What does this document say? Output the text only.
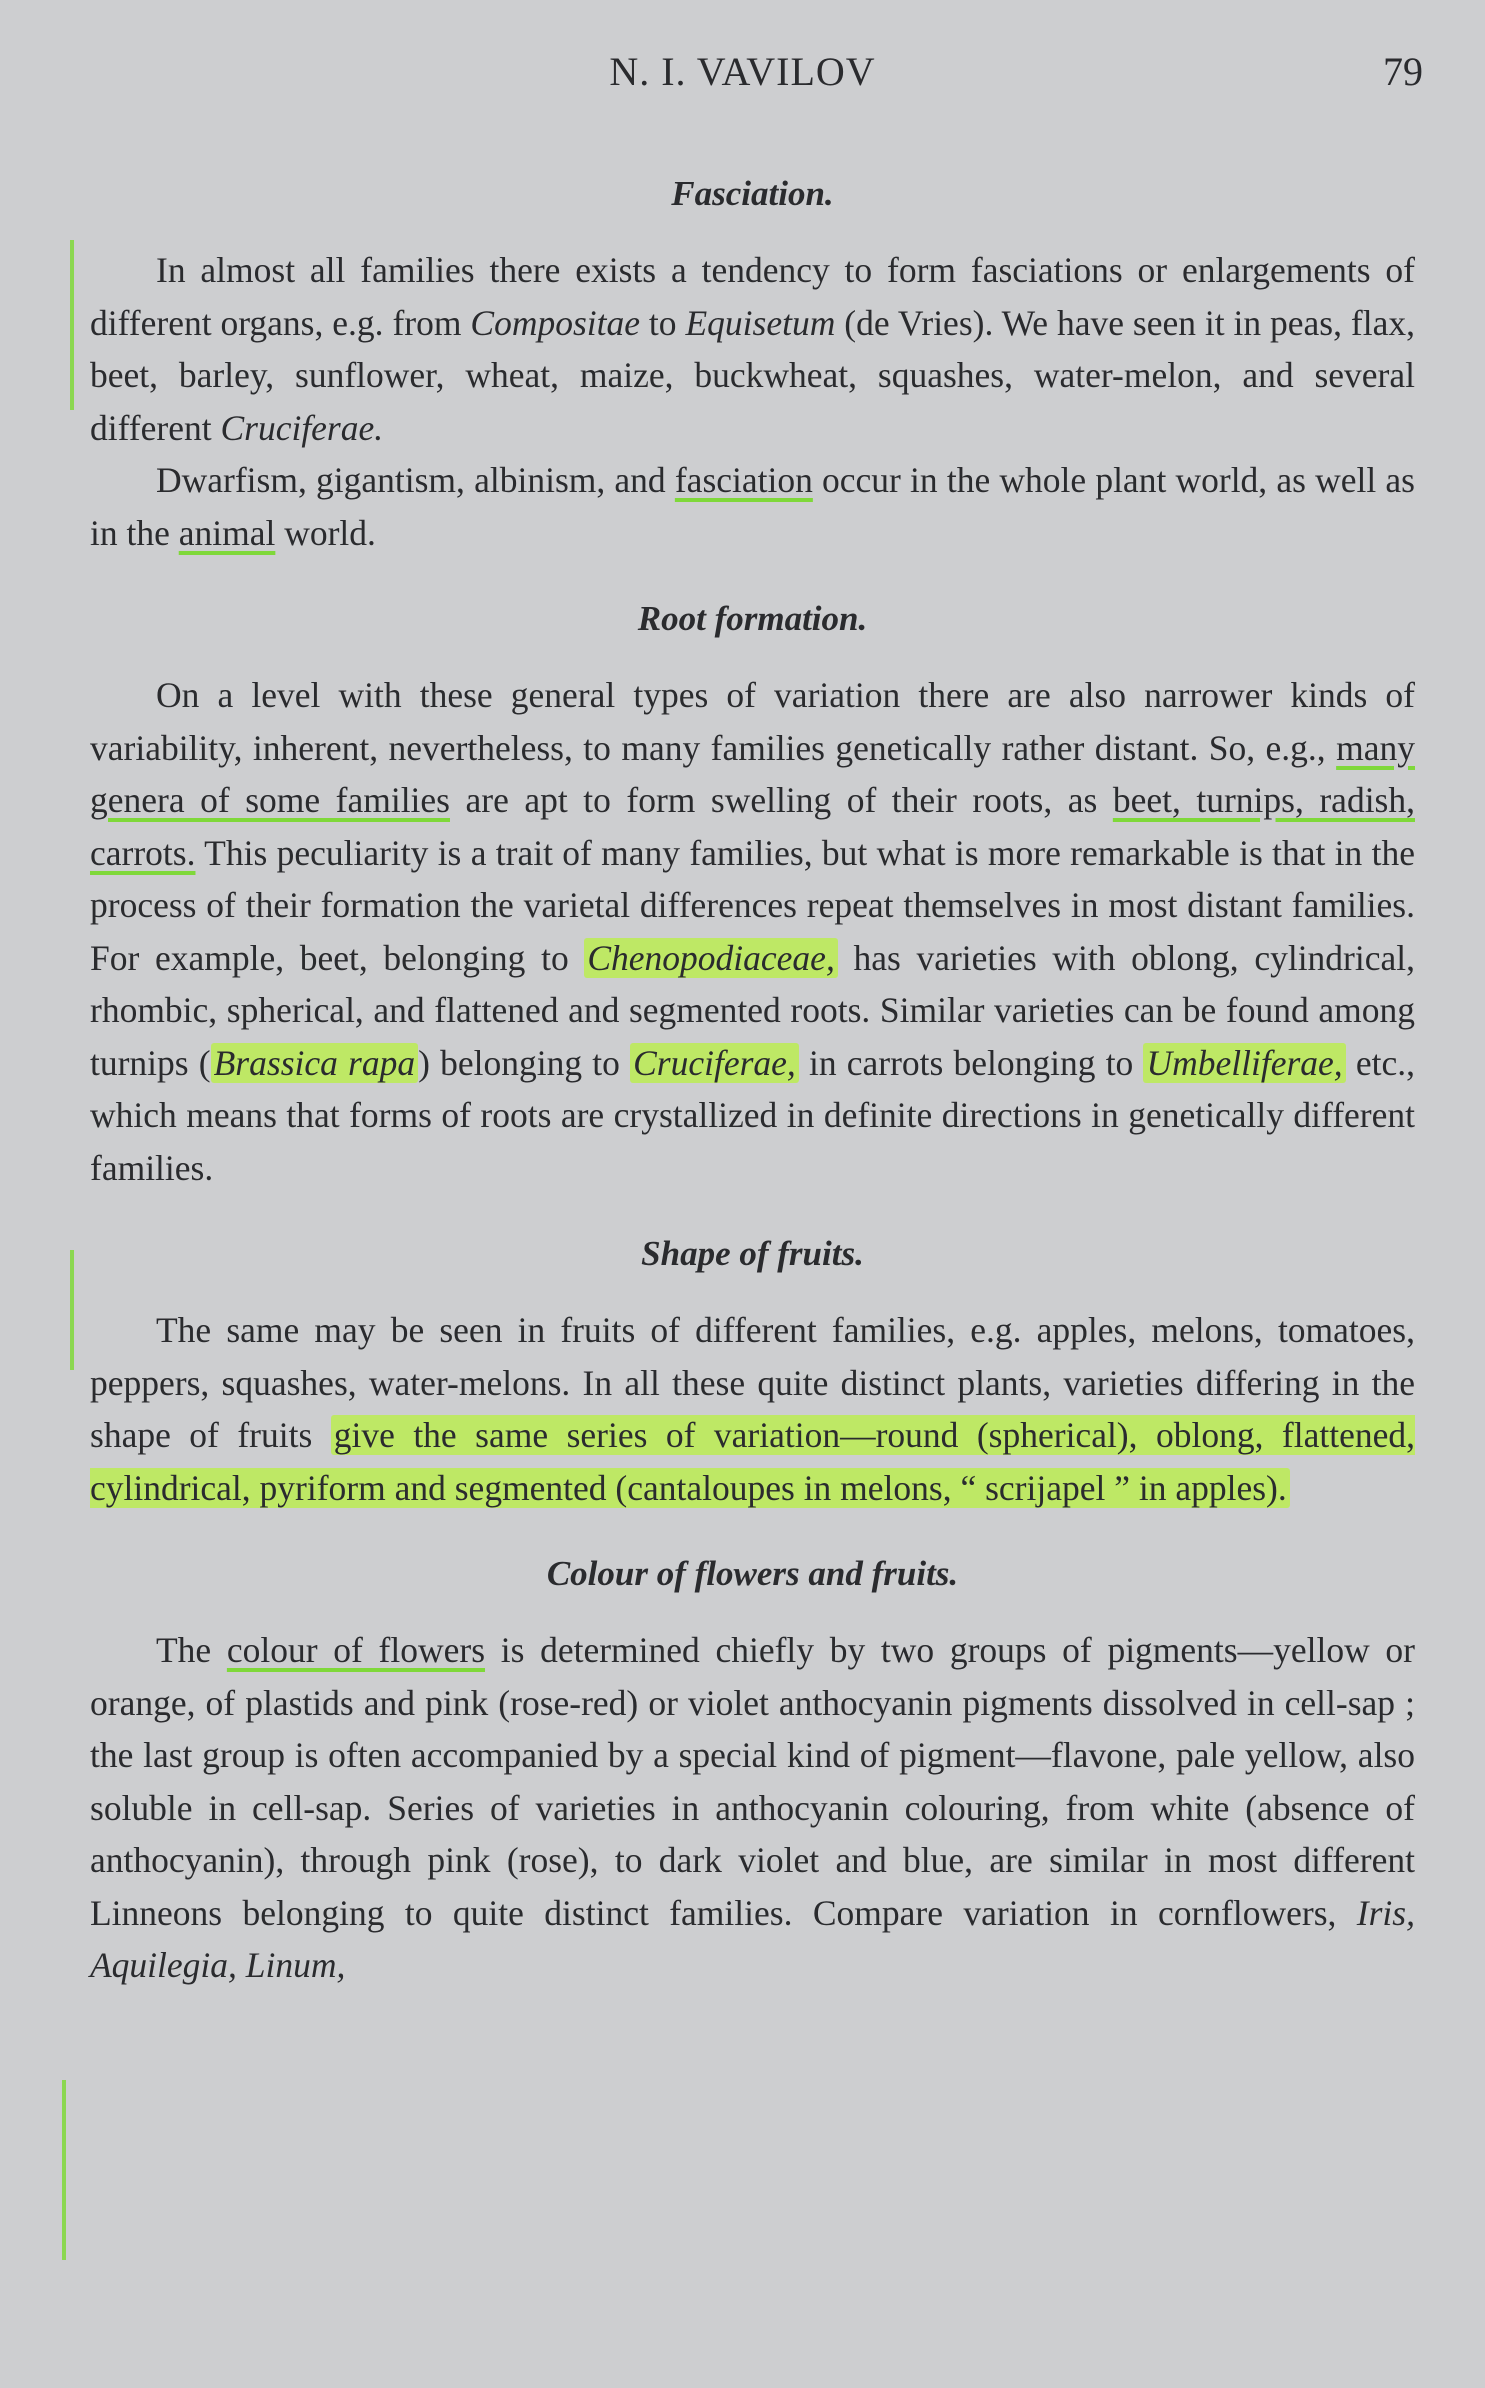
N. I. VAVILOV	79
Fasciation.

In almost all families there exists a tendency to form fasciations or enlargements of different organs, e.g. from Compositae to Equisetum (de Vries). We have seen it in peas, flax, beet, barley, sunflower, wheat, maize, buckwheat, squashes, water-melon, and several different Cruciferae.

Dwarfism, gigantism, albinism, and fasciation occur in the whole plant world, as well as in the animal world.

Root formation.

On a level with these general types of variation there are also narrower kinds of variability, inherent, nevertheless, to many families genetically rather distant. So, e.g., many genera of some families are apt to form swelling of their roots, as beet, turnips, radish, carrots. This peculiarity is a trait of many families, but what is more remarkable is that in the process of their formation the varietal differences repeat themselves in most distant families. For example, beet, belonging to Chenopodiaceae, has varieties with oblong, cylindrical, rhombic, spherical, and flattened and segmented roots. Similar varieties can be found among turnips (Brassica rapa) belonging to Cruciferae, in carrots belonging to Umbelliferae, etc., which means that forms of roots are crystallized in definite directions in genetically different families.

Shape of fruits.

The same may be seen in fruits of different families, e.g. apples, melons, tomatoes, peppers, squashes, water-melons. In all these quite distinct plants, varieties differing in the shape of fruits give the same series of variation—round (spherical), oblong, flattened, cylindrical, pyriform and segmented (cantaloupes in melons, “ scrijapel ” in apples).

Colour of flowers and fruits.

The colour of flowers is determined chiefly by two groups of pigments—yellow or orange, of plastids and pink (rose-red) or violet anthocyanin pigments dissolved in cell-sap ; the last group is often accompanied by a special kind of pigment—flavone, pale yellow, also soluble in cell-sap. Series of varieties in anthocyanin colouring, from white (absence of anthocyanin), through pink (rose), to dark violet and blue, are similar in most different Linneons belonging to quite distinct families. Compare variation in cornflowers, Iris, Aquilegia, Linum,
